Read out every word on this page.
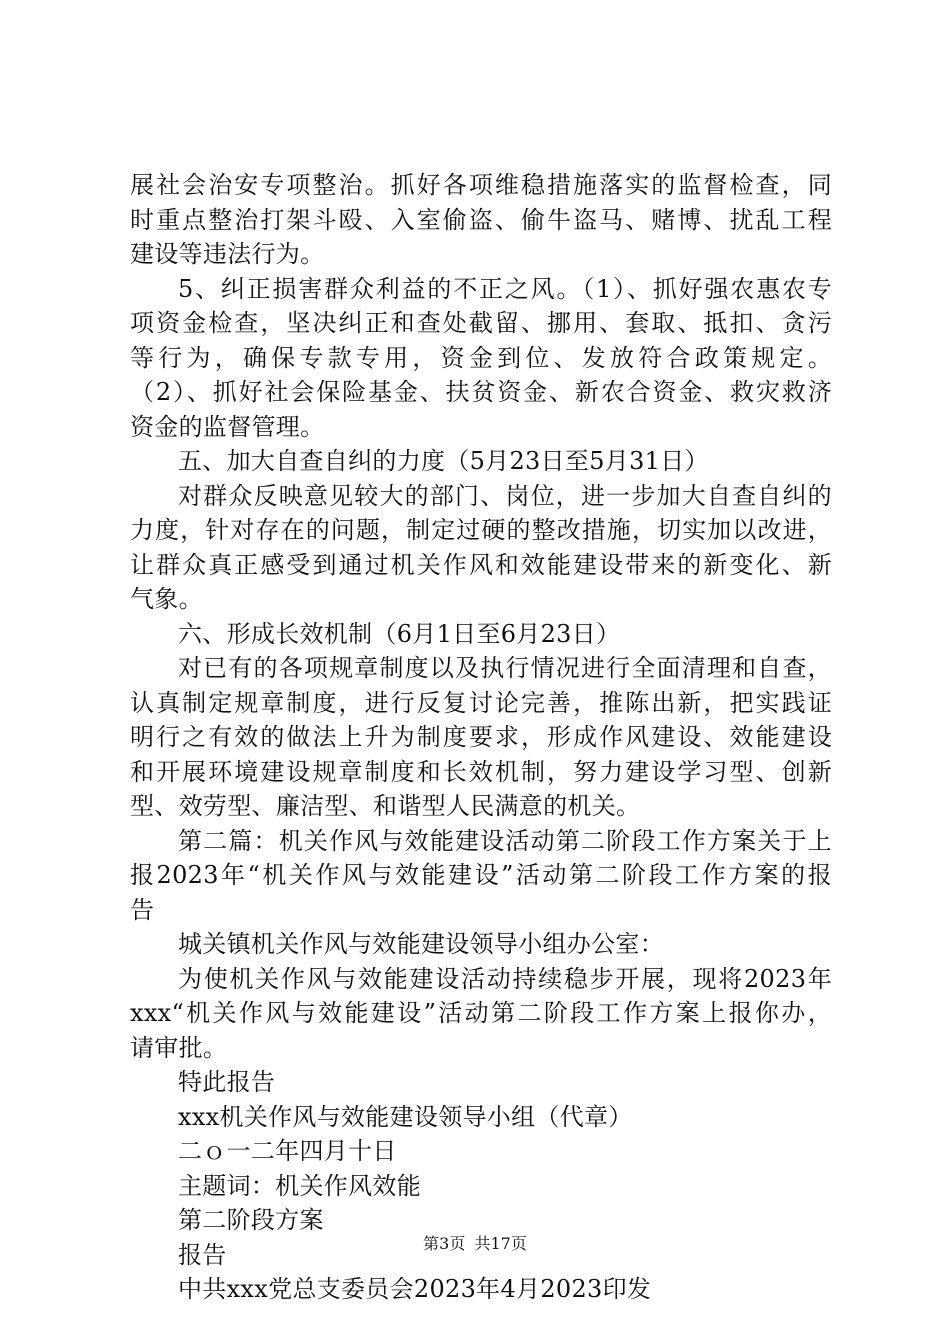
展社会治安专项整治。抓好各项维稳措施落实的监督检查，同
时重点整治打架斗殴、入室偷盗、偷牛盗马、赌博、扰乱工程
建设等违法行为。
5、纠正损害群众利益的不正之风。（1）、抓好强农惠农专
项资金检查，坚决纠正和查处截留、挪用、套取、抵扣、贪污
等行为，确保专款专用，资金到位、发放符合政策规定。
（2）、抓好社会保险基金、扶贫资金、新农合资金、救灾救济
资金的监督管理。
五、加大自查自纠的力度（5月23日至5月31日）
对群众反映意见较大的部门、岗位，进一步加大自查自纠的
力度，针对存在的问题，制定过硬的整改措施，切实加以改进，
让群众真正感受到通过机关作风和效能建设带来的新变化、新
气象。
六、形成长效机制（6月1日至6月23日）
对已有的各项规章制度以及执行情况进行全面清理和自查，
认真制定规章制度，进行反复讨论完善，推陈出新，把实践证
明行之有效的做法上升为制度要求，形成作风建设、效能建设
和开展环境建设规章制度和长效机制，努力建设学习型、创新
型、效劳型、廉洁型、和谐型人民满意的机关。
第二篇：机关作风与效能建设活动第二阶段工作方案关于上
报2023年“机关作风与效能建设”活动第二阶段工作方案的报
告
城关镇机关作风与效能建设领导小组办公室：
为使机关作风与效能建设活动持续稳步开展，现将2023年
xxx“机关作风与效能建设”活动第二阶段工作方案上报你办，
请审批。
特此报告
xxx机关作风与效能建设领导小组（代章）
二ｏ一二年四月十日
主题词：机关作风效能
第二阶段方案
报告
中共xxx党总支委员会2023年4月2023印发
第3页 共17页
